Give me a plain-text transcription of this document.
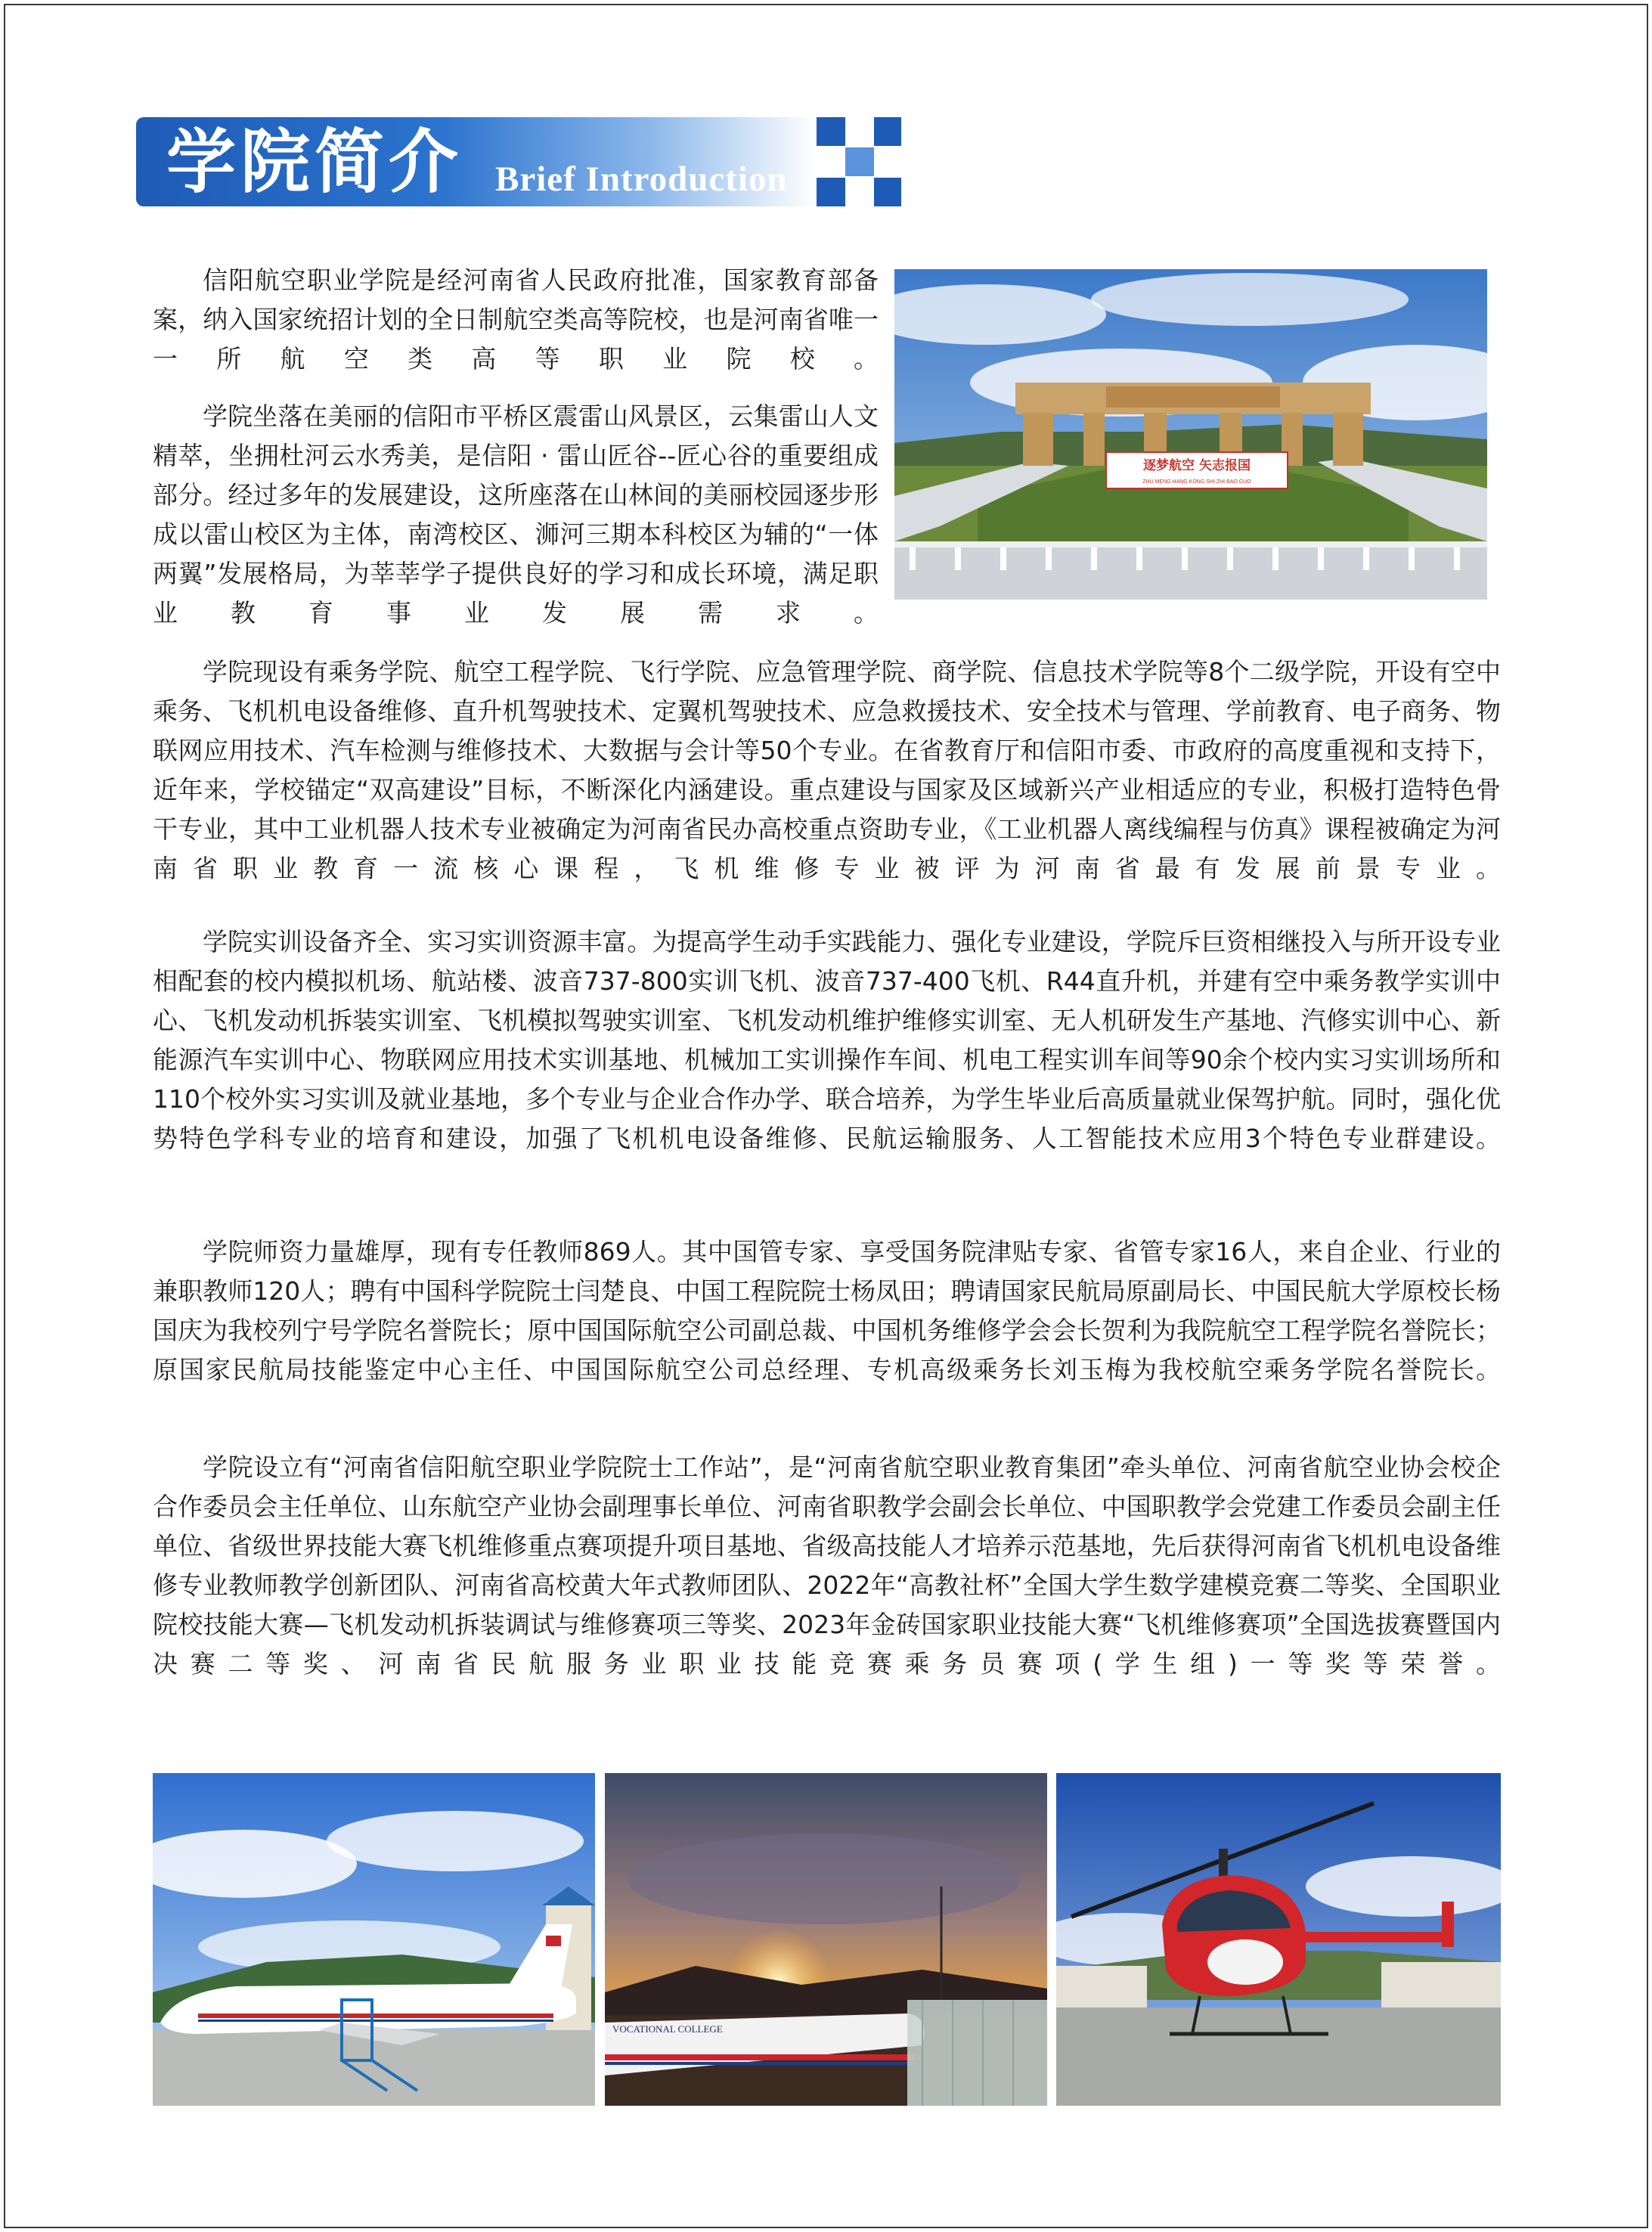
学院简介 Brief Introduction
逐梦航空 矢志报国
ZHU MENG HANG KONG SHI ZHI BAO GUO

信阳航空职业学院是经河南省人民政府批准，国家教育部备案，纳入国家统招计划的全日制航空类高等院校，也是河南省唯一一所航空类高等职业院校。

学院坐落在美丽的信阳市平桥区震雷山风景区，云集雷山人文精萃，坐拥杜河云水秀美，是信阳 · 雷山匠谷--匠心谷的重要组成部分。经过多年的发展建设，这所座落在山林间的美丽校园逐步形成以雷山校区为主体，南湾校区、浉河三期本科校区为辅的“一体两翼”发展格局，为莘莘学子提供良好的学习和成长环境，满足职业教育事业发展需求。

学院现设有乘务学院、航空工程学院、飞行学院、应急管理学院、商学院、信息技术学院等8个二级学院，开设有空中乘务、飞机机电设备维修、直升机驾驶技术、定翼机驾驶技术、应急救援技术、安全技术与管理、学前教育、电子商务、物联网应用技术、汽车检测与维修技术、大数据与会计等50个专业。在省教育厅和信阳市委、市政府的高度重视和支持下，近年来，学校锚定“双高建设”目标，不断深化内涵建设。重点建设与国家及区域新兴产业相适应的专业，积极打造特色骨干专业，其中工业机器人技术专业被确定为河南省民办高校重点资助专业，《工业机器人离线编程与仿真》课程被确定为河南省职业教育一流核心课程，飞机维修专业被评为河南省最有发展前景专业。

学院实训设备齐全、实习实训资源丰富。为提高学生动手实践能力、强化专业建设，学院斥巨资相继投入与所开设专业相配套的校内模拟机场、航站楼、波音737-800实训飞机、波音737-400飞机、R44直升机，并建有空中乘务教学实训中心、飞机发动机拆装实训室、飞机模拟驾驶实训室、飞机发动机维护维修实训室、无人机研发生产基地、汽修实训中心、新能源汽车实训中心、物联网应用技术实训基地、机械加工实训操作车间、机电工程实训车间等90余个校内实习实训场所和110个校外实习实训及就业基地，多个专业与企业合作办学、联合培养，为学生毕业后高质量就业保驾护航。同时，强化优势特色学科专业的培育和建设，加强了飞机机电设备维修、民航运输服务、人工智能技术应用3个特色专业群建设。

学院师资力量雄厚，现有专任教师869人。其中国管专家、享受国务院津贴专家、省管专家16人，来自企业、行业的兼职教师120人；聘有中国科学院院士闫楚良、中国工程院院士杨凤田；聘请国家民航局原副局长、中国民航大学原校长杨国庆为我校列宁号学院名誉院长；原中国国际航空公司副总裁、中国机务维修学会会长贺利为我院航空工程学院名誉院长；原国家民航局技能鉴定中心主任、中国国际航空公司总经理、专机高级乘务长刘玉梅为我校航空乘务学院名誉院长。

学院设立有“河南省信阳航空职业学院院士工作站”，是“河南省航空职业教育集团”牵头单位、河南省航空业协会校企合作委员会主任单位、山东航空产业协会副理事长单位、河南省职教学会副会长单位、中国职教学会党建工作委员会副主任单位、省级世界技能大赛飞机维修重点赛项提升项目基地、省级高技能人才培养示范基地，先后获得河南省飞机机电设备维修专业教师教学创新团队、河南省高校黄大年式教师团队、2022年“高教社杯”全国大学生数学建模竞赛二等奖、全国职业院校技能大赛—飞机发动机拆装调试与维修赛项三等奖、2023年金砖国家职业技能大赛“飞机维修赛项”全国选拔赛暨国内决赛二等奖、河南省民航服务业职业技能竞赛乘务员赛项(学生组)一等奖等荣誉。

VOCATIONAL COLLEGE
